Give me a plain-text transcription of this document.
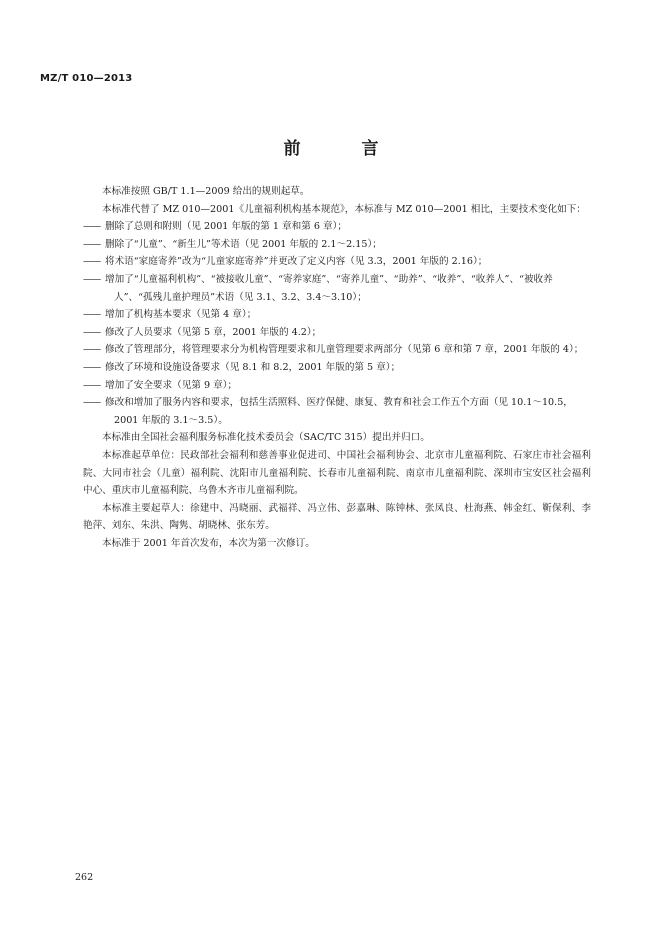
MZ/T 010—2013
前　言

本标准按照 GB/T 1.1—2009 给出的规则起草。

本标准代替了 MZ 010—2001《儿童福利机构基本规范》，本标准与 MZ 010—2001 相比，主要技术变化如下：

—— 删除了总则和附则（见 2001 年版的第 1 章和第 6 章）；

—— 删除了“儿童”、“新生儿”等术语（见 2001 年版的 2.1～2.15）；

—— 将术语“家庭寄养”改为“儿童家庭寄养”并更改了定义内容（见 3.3，2001 年版的 2.16）；

—— 增加了“儿童福利机构”、“被接收儿童”、“寄养家庭”、“寄养儿童”、“助养”、“收养”、“收养人”、“被收养人”、“孤残儿童护理员”术语（见 3.1、3.2、3.4～3.10）；

—— 增加了机构基本要求（见第 4 章）；

—— 修改了人员要求（见第 5 章，2001 年版的 4.2）；

—— 修改了管理部分，将管理要求分为机构管理要求和儿童管理要求两部分（见第 6 章和第 7 章，2001 年版的 4）；

—— 修改了环境和设施设备要求（见 8.1 和 8.2，2001 年版的第 5 章）；

—— 增加了安全要求（见第 9 章）；

—— 修改和增加了服务内容和要求，包括生活照料、医疗保健、康复、教育和社会工作五个方面（见 10.1～10.5，2001 年版的 3.1～3.5）。

本标准由全国社会福利服务标准化技术委员会（SAC/TC 315）提出并归口。

本标准起草单位：民政部社会福利和慈善事业促进司、中国社会福利协会、北京市儿童福利院、石家庄市社会福利院、大同市社会（儿童）福利院、沈阳市儿童福利院、长春市儿童福利院、南京市儿童福利院、深圳市宝安区社会福利中心、重庆市儿童福利院、乌鲁木齐市儿童福利院。

本标准主要起草人：徐建中、冯晓丽、武福祥、冯立伟、彭嘉琳、陈钟林、张凤良、杜海燕、韩金红、靳保利、李艳萍、刘东、朱洪、陶隽、胡晓林、张东芳。

本标准于 2001 年首次发布，本次为第一次修订。

262
